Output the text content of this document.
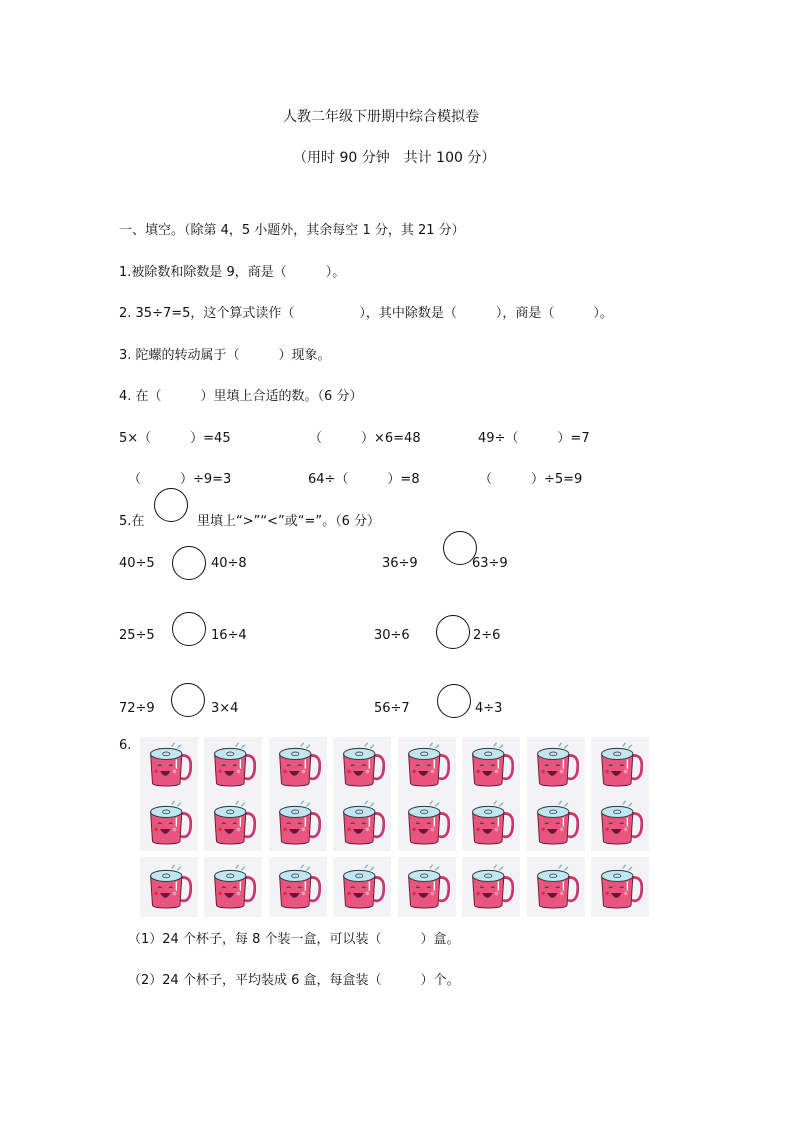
人教二年级下册期中综合模拟卷
（用时 90 分钟　共计 100 分）
一、填空。（除第 4，5 小题外，其余每空 1 分，其 21 分）
1.被除数和除数是 9，商是（　　　）。
2. 35÷7=5，这个算式读作（　　　　　），其中除数是（　　　），商是（　　　）。
3. 陀螺的转动属于（　　　）现象。
4. 在（　　　）里填上合适的数。（6 分）
5×（　　　）=45	（　　　）×6=48	49÷（　　　）=7
（　　　）÷9=3	64÷（　　　）=8	（　　　）÷5=9
5.在	里填上“>”“<”或“=”。（6 分）
40÷5	40÷8	36÷9	63÷9
25÷5	16÷4	30÷6	2÷6
72÷9	3×4	56÷7	4÷3
6.
（1）24 个杯子，每 8 个装一盒，可以装（　　　）盒。
（2）24 个杯子，平均装成 6 盒，每盒装（　　　）个。
